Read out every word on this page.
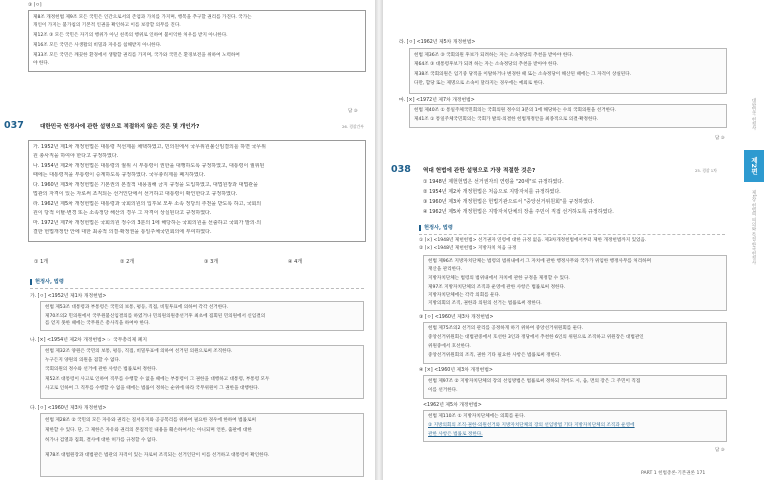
③ [ㅇ]
제8조 개정헌법 제9조 모든 국민은 인간으로서의 존엄과 가치를 가지며, 행복을 추구할 권리를 가진다. 국가는
개인이 가지는 불가침의 기본적 인권을 확인하고 이를 보장할 의무를 진다.
제12조 ③ 모든 국민은 자기의 행위가 아닌 친족의 행위로 인하여 불이익한 처우를 받지 아니한다.
제16조 모든 국민은 사생활의 비밀과 자유를 침해받지 아니한다.
제33조 모든 국민은 깨끗한 환경에서 생활할 권리를 가지며, 국가와 국민은 환경보전을 위하여 노력하여
야 한다.
답 ③
037	대한민국 헌정사에 관한 설명으로 적절하지 않은 것은 몇 개인가?	26. 경찰간부
가. 1952년 제1차 개정헌법은 대통령 직선제를 채택하였고, 민의원에서 국무위원불신임결의를 하면 국무위
원 총사직을 하여야 한다고 규정하였다.
나. 1954년 제2차 개정헌법은 대통령의 궐위 시 부통령이 권한을 대행하도록 규정하였고, 대통령이 궐위된
때에는 대통령직을 부통령이 승계하도록 규정하였다. 국무총리제를 폐지하였다.
다. 1960년 제3차 개정헌법은 기본권의 본질적 내용침해 금지 규정을 도입하였고, 대법원장과 대법관을
법관의 자격이 있는 자로써 조직되는 선거인단에서 선거하고 대통령이 확인한다고 규정하였다.
라. 1962년 제5차 개정헌법은 대통령과 국회의원의 입후보 모두 소속 정당의 추천을 받도록 하고, 국회의
원이 당적 이탈·변경 또는 소속정당 해산의 경우 그 자격이 상실된다고 규정하였다.
마. 1972년 제7차 개정헌법은 국회의원 정수의 3분의 1에 해당하는 국회의원을 선출하고 국회가 발의·의
결한 헌법개정안 안에 대한 최종적 의결·확정권을 통일주체국민회의에 부여하였다.
① 1개	② 2개	③ 3개	④ 4개
헌정사, 법령
가. [ㅇ] <1952년 제1차 개정헌법>
헌법 제53조 대통령과 부통령은 국민의 보통, 평등, 직접, 비밀투표에 의하여 각각 선거한다.
제70조의2 민의원에서 국무원불신임결의를 하였거나 민의원의원총선거후 최초에 집회된 민의원에서 신임결의
를 얻지 못한 때에는 국무원은 총사직을 하여야 한다.
나. [×] <1954년 제2차 개정헌법> ☞ 국무총리제 폐지
헌법 제32조 양원은 국민의 보통, 평등, 직접, 비밀투표에 의하여 선거된 의원으로써 조직한다.
누구든지 양원의 의원을 겸할 수 없다.
국회의원의 정수와 선거에 관한 사항은 법률로써 정한다.
제52조 대통령이 사고로 인하여 직무를 수행할 수 없을 때에는 부통령이 그 권한을 대행하고 대통령, 부통령 모두
사고로 인하여 그 직무를 수행할 수 없을 때에는 법률이 정하는 순위에 따라 국무위원이 그 권한을 대행한다.
다. [ㅇ] <1960년 제3차 개정헌법>
헌법 제28조 ② 국민의 모든 자유와 권리는 질서유지와 공공복리를 위하여 필요한 경우에 한하여 법률로써
제한할 수 있다. 단, 그 제한은 자유와 권리의 본질적인 내용을 훼손하여서는 아니되며 언론, 출판에 대한
허가나 검열과 집회, 결사에 대한 허가를 규정할 수 없다.
제78조 대법원장과 대법관은 법관의 자격이 있는 자로써 조직되는 선거인단이 이를 선거하고 대통령이 확인한다.
라. [ㅇ] <1962년 제5차 개정헌법>
헌법 제36조 ③ 국회의원 후보가 되려하는 자는 소속정당의 추천을 받아야 한다.
제64조 ③ 대통령후보가 되려 하는 자는 소속정당의 추천을 받아야 한다.
제38조 국회의원은 임기중 당적을 이탈하거나 변경한 때 또는 소속정당이 해산된 때에는 그 자격이 상실된다.
다만, 합당 또는 제명으로 소속이 달라지는 경우에는 예외로 한다.
마. [×] <1972년 제7차 개정헌법>
헌법 제40조 ① 통일주체국민회의는 국회의원 정수의 3분의 1에 해당하는 수의 국회의원을 선거한다.
제41조 ① 통일주체국민회의는 국회가 발의·의결한 헌법개정안을 최종적으로 의결·확정한다.
답 ③
038 역대 헌법에 관한 설명으로 가장 적절한 것은?	25. 경찰 1차
① 1948년 제헌헌법은 선거권자의 연령을 "20세"로 규정하였다.
② 1954년 제2차 개정헌법은 처음으로 지방자치를 규정하였다.
③ 1960년 제3차 개정헌법은 헌법기관으로서 "중앙선거위원회"를 규정하였다.
④ 1962년 제5차 개정헌법은 지방자치단체의 장을 주민이 직접 선거하도록 규정하였다.
헌정사, 법령
① [×] <1948년 제헌헌법> 선거권자 연령에 대한 규정 없음. 제3차개정헌법에서부터 제한 개정헌법까지 있었음.
② [×] <1948년 제헌헌법> 지방자치 처음 규정
헌법 제96조 지방자치단체는 법령의 범위내에서 그 자치에 관한 행정사무와 국가가 위임한 행정사무를 처리하며
재산을 관리한다.
지방자치단체는 법령의 범위내에서 자치에 관한 규정을 제정할 수 있다.
제97조 지방자치단체의 조직과 운영에 관한 사항은 법률로써 정한다.
지방자치단체에는 각각 의회를 둔다.
지방의회의 조직, 권한과 의원의 선거는 법률로써 정한다.
③ [ㅇ] <1960년 제3차 개정헌법>
헌법 제75조의2 선거의 관리를 공정하게 하기 위하여 중앙선거위원회를 둔다.
중앙선거위원회는 대법관중에서 호선한 3인과 정당에서 추천한 6인의 위원으로 조직하고 위원장은 대법관인
위원중에서 호선한다.
중앙선거위원회의 조직, 권한 기타 필요한 사항은 법률로써 정한다.
④ [×] <1960년 제3차 개정헌법>
헌법 제97조 ② 지방자치단체의 장의 선임방법은 법률로써 정하되 적어도 시, 읍, 면의 장은 그 주민이 직접
이를 선거한다.
<1962년 제5차 개정헌법>
헌법 제110조 ① 지방자치단체에는 의회를 둔다.
② 지방의회의 조직·권한·의원선거와 지방자치단체의 장의 선임방법 기타 지방자치단체의 조직과 운영에
관한 사항은 법률로 정한다.
답 ③
PART 1 헌법총론·기본권론 171
대한민국 헌정사
제2편
제1장 헌법의 의의와 특질·한국헌정사
